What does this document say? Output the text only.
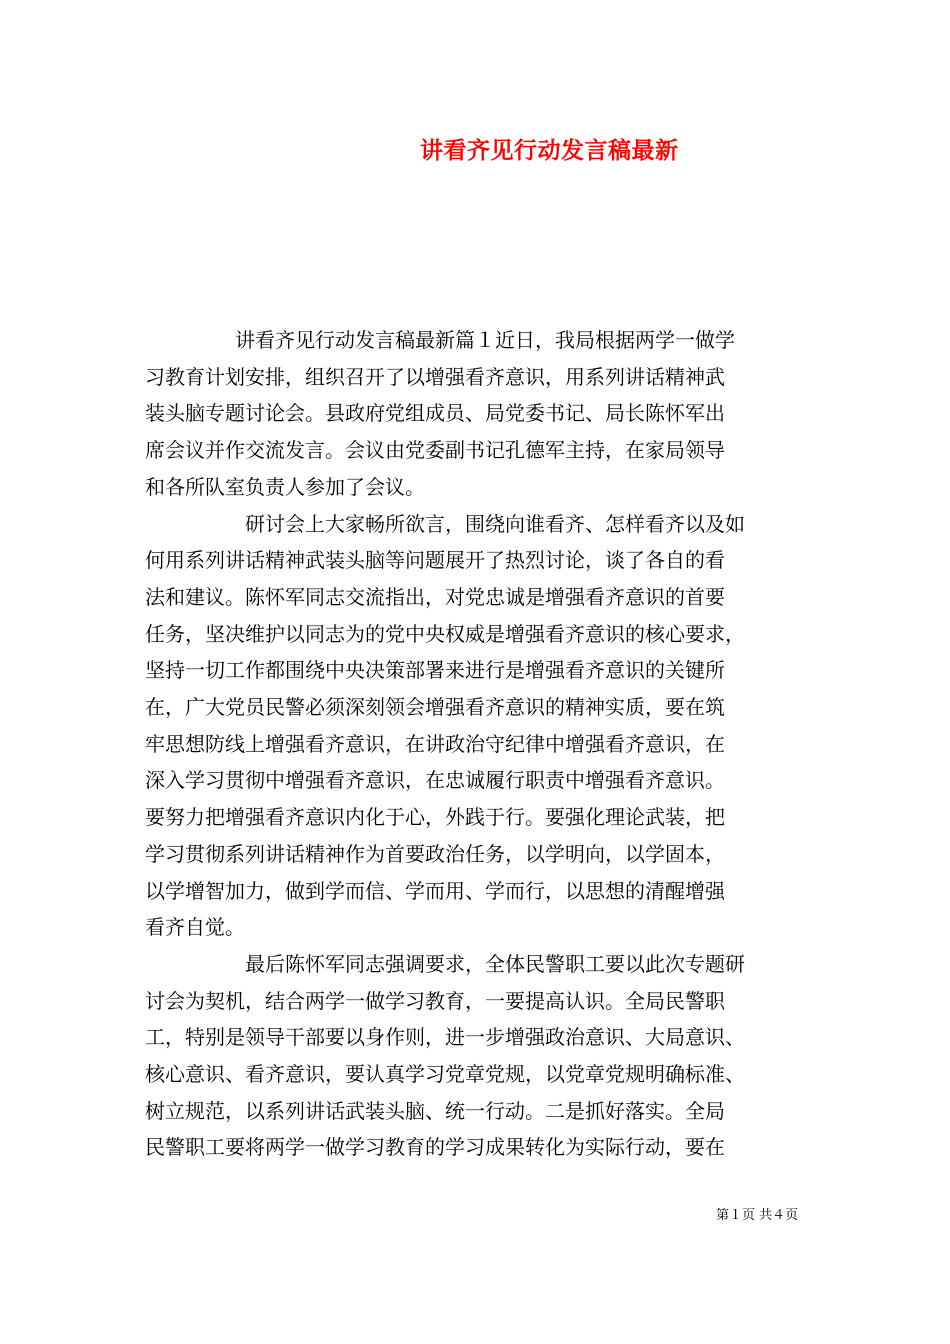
讲看齐见行动发言稿最新

讲看齐见行动发言稿最新篇１近日，我局根据两学一做学
习教育计划安排，组织召开了以增强看齐意识，用系列讲话精神武
装头脑专题讨论会。县政府党组成员、局党委书记、局长陈怀军出
席会议并作交流发言。会议由党委副书记孔德军主持，在家局领导
和各所队室负责人参加了会议。

研讨会上大家畅所欲言，围绕向谁看齐、怎样看齐以及如
何用系列讲话精神武装头脑等问题展开了热烈讨论，谈了各自的看
法和建议。陈怀军同志交流指出，对党忠诚是增强看齐意识的首要
任务，坚决维护以同志为的党中央权威是增强看齐意识的核心要求，
坚持一切工作都围绕中央决策部署来进行是增强看齐意识的关键所
在，广大党员民警必须深刻领会增强看齐意识的精神实质，要在筑
牢思想防线上增强看齐意识，在讲政治守纪律中增强看齐意识，在
深入学习贯彻中增强看齐意识，在忠诚履行职责中增强看齐意识。
要努力把增强看齐意识内化于心，外践于行。要强化理论武装，把
学习贯彻系列讲话精神作为首要政治任务，以学明向，以学固本，
以学增智加力，做到学而信、学而用、学而行，以思想的清醒增强
看齐自觉。

最后陈怀军同志强调要求，全体民警职工要以此次专题研
讨会为契机，结合两学一做学习教育，一要提高认识。全局民警职
工，特别是领导干部要以身作则，进一步增强政治意识、大局意识、
核心意识、看齐意识，要认真学习党章党规，以党章党规明确标准、
树立规范，以系列讲话武装头脑、统一行动。二是抓好落实。全局
民警职工要将两学一做学习教育的学习成果转化为实际行动，要在

第１页 共４页
